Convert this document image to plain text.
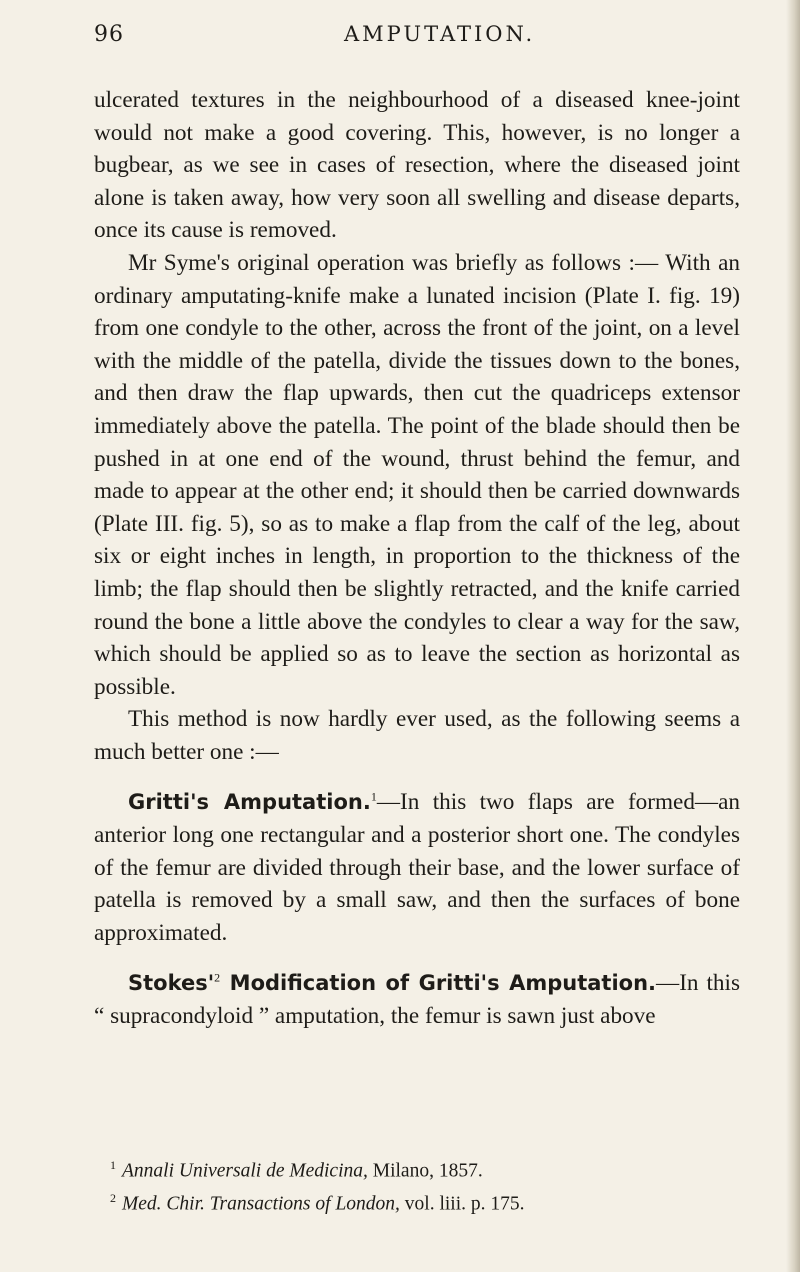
96	AMPUTATION.

ulcerated textures in the neighbourhood of a diseased knee-joint would not make a good covering. This, however, is no longer a bugbear, as we see in cases of resection, where the diseased joint alone is taken away, how very soon all swelling and disease departs, once its cause is removed.

Mr Syme's original operation was briefly as follows :— With an ordinary amputating-knife make a lunated incision (Plate I. fig. 19) from one condyle to the other, across the front of the joint, on a level with the middle of the patella, divide the tissues down to the bones, and then draw the flap upwards, then cut the quadriceps extensor immediately above the patella. The point of the blade should then be pushed in at one end of the wound, thrust behind the femur, and made to appear at the other end; it should then be carried downwards (Plate III. fig. 5), so as to make a flap from the calf of the leg, about six or eight inches in length, in proportion to the thickness of the limb; the flap should then be slightly retracted, and the knife carried round the bone a little above the condyles to clear a way for the saw, which should be applied so as to leave the section as horizontal as possible.

This method is now hardly ever used, as the following seems a much better one :—

Gritti's Amputation.$^1$—In this two flaps are formed—an anterior long one rectangular and a posterior short one. The condyles of the femur are divided through their base, and the lower surface of patella is removed by a small saw, and then the surfaces of bone approximated.

$Stokes'^2$ Modification of Gritti's Amputation.—In this “ supracondyloid ” amputation, the femur is sawn just above

$^1$ Annali Universali de Medicina, Milano, 1857.

$^2$ Med. Chir. Transactions of London, vol. liii. p. 175.
